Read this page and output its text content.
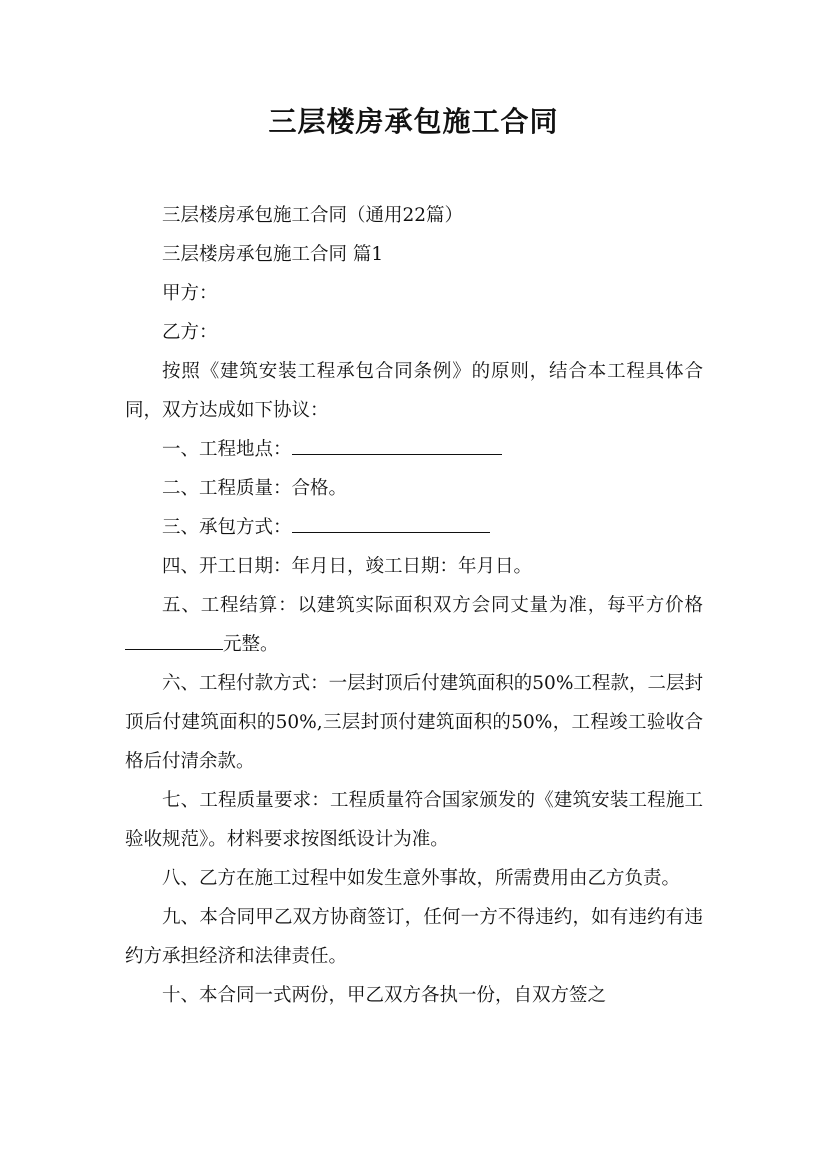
三层楼房承包施工合同

三层楼房承包施工合同（通用22篇）

三层楼房承包施工合同 篇1

甲方：

乙方：

按照《建筑安装工程承包合同条例》的原则，结合本工程具体合同，双方达成如下协议：

一、工程地点：

二、工程质量：合格。

三、承包方式：

四、开工日期：年月日，竣工日期：年月日。

五、工程结算：以建筑实际面积双方会同丈量为准，每平方价格元整。

六、工程付款方式：一层封顶后付建筑面积的50%工程款，二层封顶后付建筑面积的50%,三层封顶付建筑面积的50%，工程竣工验收合格后付清余款。

七、工程质量要求：工程质量符合国家颁发的《建筑安装工程施工验收规范》。材料要求按图纸设计为准。

八、乙方在施工过程中如发生意外事故，所需费用由乙方负责。

九、本合同甲乙双方协商签订，任何一方不得违约，如有违约有违约方承担经济和法律责任。

十、本合同一式两份，甲乙双方各执一份，自双方签之
